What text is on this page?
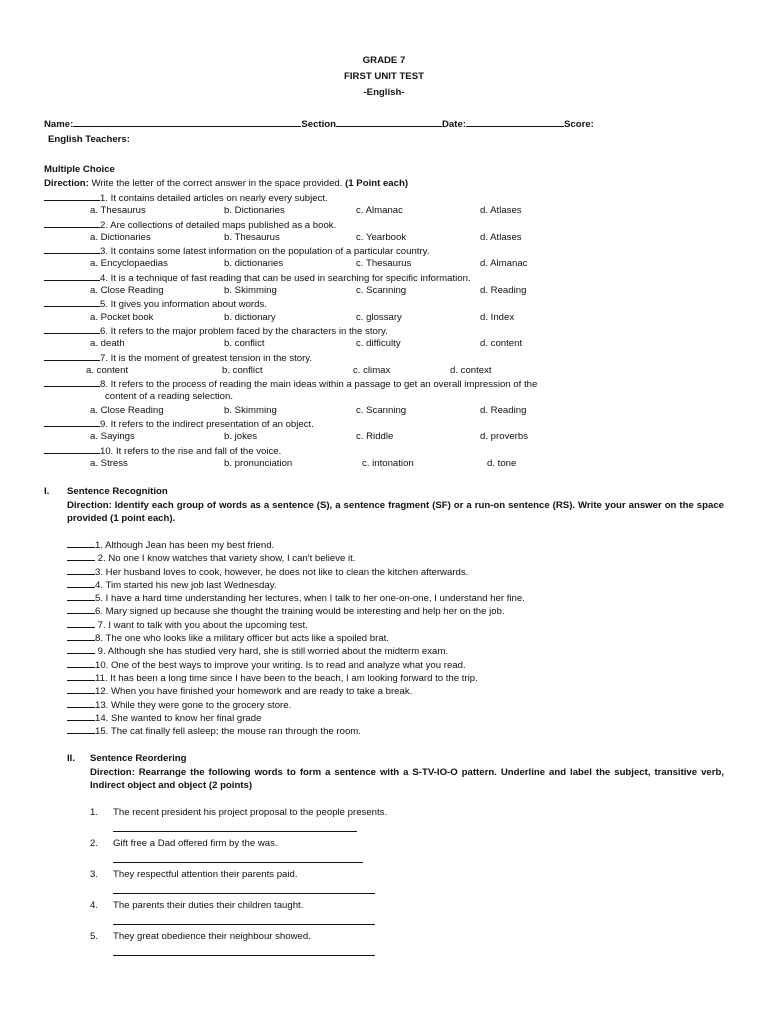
GRADE 7
FIRST UNIT TEST
-English-
Name:	Section	Date:	Score:
English Teachers:
Multiple Choice
Direction: Write the letter of the correct answer in the space provided. (1 Point each)
1. It contains detailed articles on nearly every subject.
a. Thesaurus	b. Dictionaries	c. Almanac	d. Atlases
2. Are collections of detailed maps published as a book.
a. Dictionaries	b. Thesaurus	c. Yearbook	d. Atlases
3. It contains some latest information on the population of a particular country.
a. Encyclopaedias	b. dictionaries	c. Thesaurus	d. Almanac
4. It is a technique of fast reading that can be used in searching for specific information.
a. Close Reading	b. Skimming	c. Scanning	d. Reading
5. It gives you information about words.
a. Pocket book	b. dictionary	c. glossary	d. Index
6. It refers to the major problem faced by the characters in the story.
a. death	b. conflict	c. difficulty	d. content
7. It is the moment of greatest tension in the story.
a. content	b. conflict	c. climax	d. context
8. It refers to the process of reading the main ideas within a passage to get an overall impression of the
content of a reading selection.
a. Close Reading	b. Skimming	c. Scanning	d. Reading
9. It refers to the indirect presentation of an object.
a. Sayings	b. jokes	c. Riddle	d. proverbs
10. It refers to the rise and fall of the voice.
a. Stress	b. pronunciation	c. intonation	d. tone
I. Sentence Recognition
Direction: Identify each group of words as a sentence (S), a sentence fragment (SF) or a run-on sentence (RS). Write your answer on the space provided (1 point each).
1. Although Jean has been my best friend.
2. No one I know watches that variety show, I can't believe it.
3. Her husband loves to cook, however, he does not like to clean the kitchen afterwards.
4. Tim started his new job last Wednesday.
5. I have a hard time understanding her lectures, when I talk to her one-on-one, I understand her fine.
6. Mary signed up because she thought the training would be interesting and help her on the job.
7. I want to talk with you about the upcoming test.
8. The one who looks like a military officer but acts like a spoiled brat.
9. Although she has studied very hard, she is still worried about the midterm exam.
10. One of the best ways to improve your writing. Is to read and analyze what you read.
11. It has been a long time since I have been to the beach, I am looking forward to the trip.
12. When you have finished your homework and are ready to take a break.
13. While they were gone to the grocery store.
14. She wanted to know her final grade
15. The cat finally fell asleep; the mouse ran through the room.
II. Sentence Reordering
Direction: Rearrange the following words to form a sentence with a S-TV-IO-O pattern. Underline and label the subject, transitive verb, Indirect object and object (2 points)
1. The recent president his project proposal to the people presents.
2. Gift free a Dad offered firm by the was.
3. They respectful attention their parents paid.
4. The parents their duties their children taught.
5. They great obedience their neighbour showed.
